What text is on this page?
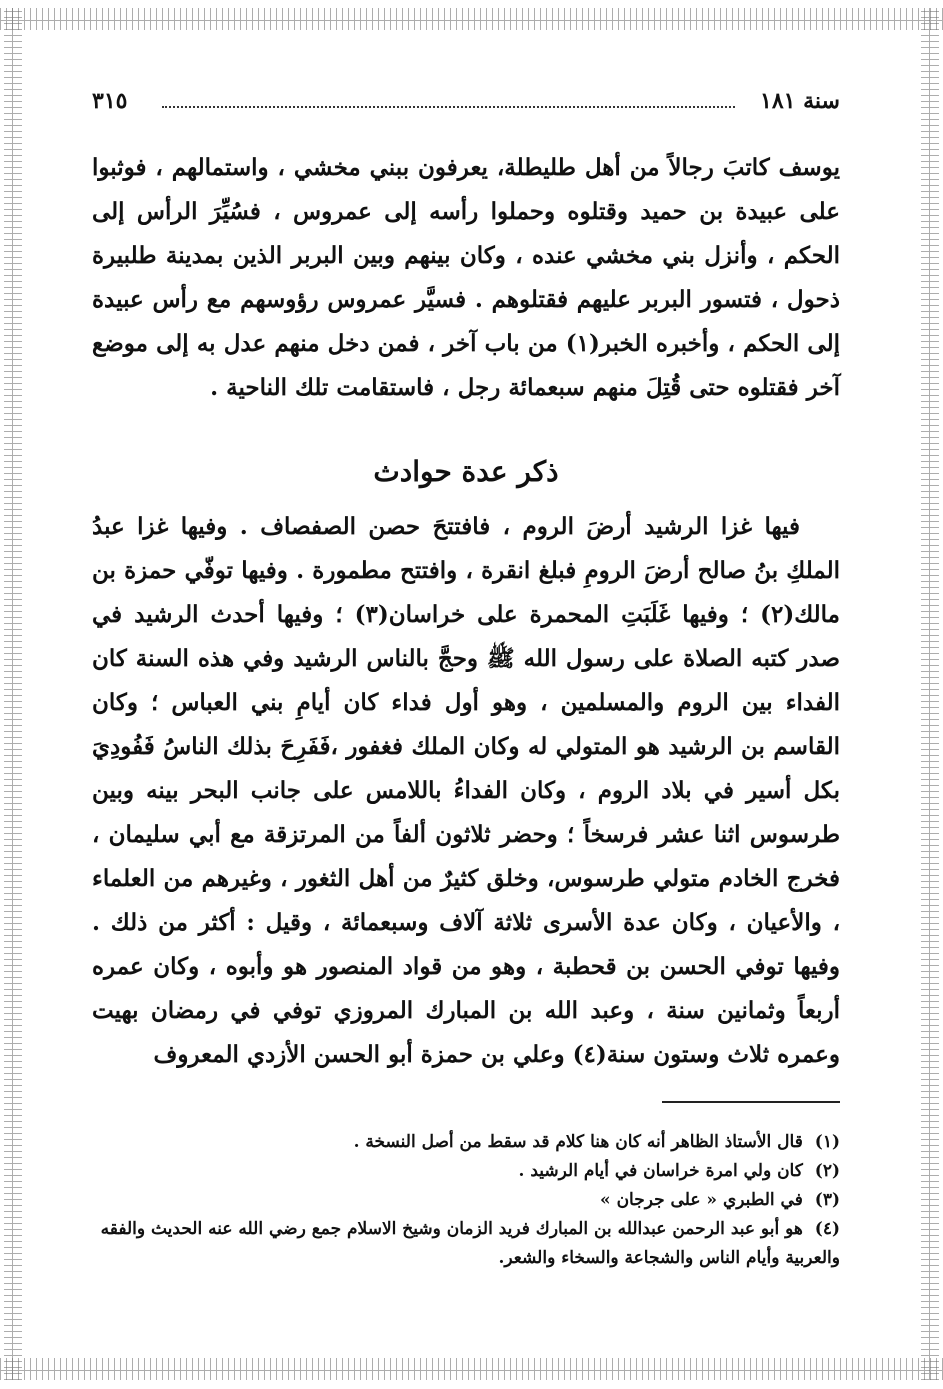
سنة ١٨١
٣١٥

يوسف كاتبَ رجالاً من أهل طليطلة، يعرفون ببني مخشي ، واستمالهم ، فوثبوا على عبيدة بن حميد وقتلوه وحملوا رأسه إلى عمروس ، فسُيِّرَ الرأس إلى الحكم ، وأنزل بني مخشي عنده ، وكان بينهم وبين البربر الذين بمدينة طلبيرة ذحول ، فتسور البربر عليهم فقتلوهم . فسيَّر عمروس رؤوسهم مع رأس عبيدة إلى الحكم ، وأخبره الخبر(١) من باب آخر ، فمن دخل منهم عدل به إلى موضع آخر فقتلوه حتى قُتِلَ منهم سبعمائة رجل ، فاستقامت تلك الناحية .

ذكر عدة حوادث

فيها غزا الرشيد أرضَ الروم ، فافتتحَ حصن الصفصاف . وفيها غزا عبدُ الملكِ بنُ صالح أرضَ الرومِ فبلغ انقرة ، وافتتح مطمورة . وفيها توفّي حمزة بن مالك(٢) ؛ وفيها غَلَبَتِ المحمرة على خراسان(٣) ؛ وفيها أحدث الرشيد في صدر كتبه الصلاة على رسول الله ﷺ وحجَّ بالناس الرشيد وفي هذه السنة كان الفداء بين الروم والمسلمين ، وهو أول فداء كان أيامِ بني العباس ؛ وكان القاسم بن الرشيد هو المتولي له وكان الملك فغفور ،فَفَرِحَ بذلك الناسُ فَفُودِيَ بكل أسير في بلاد الروم ، وكان الفداءُ باللامس على جانب البحر بينه وبين طرسوس اثنا عشر فرسخاً ؛ وحضر ثلاثون ألفاً من المرتزقة مع أبي سليمان ، فخرج الخادم متولي طرسوس، وخلق كثيرٌ من أهل الثغور ، وغيرهم من العلماء ، والأعيان ، وكان عدة الأسرى ثلاثة آلاف وسبعمائة ، وقيل : أكثر من ذلك . وفيها توفي الحسن بن قحطبة ، وهو من قواد المنصور هو وأبوه ، وكان عمره أربعاً وثمانين سنة ، وعبد الله بن المبارك المروزي توفي في رمضان بهيت وعمره ثلاث وستون سنة(٤) وعلي بن حمزة أبو الحسن الأزدي المعروف

(١) قال الأستاذ الظاهر أنه كان هنا كلام قد سقط من أصل النسخة .

(٢) كان ولي امرة خراسان في أيام الرشيد .

(٣) في الطبري « على جرجان »

(٤) هو أبو عبد الرحمن عبدالله بن المبارك فريد الزمان وشيخ الاسلام جمع رضي الله عنه الحديث والفقه والعربية وأيام الناس والشجاعة والسخاء والشعر.
